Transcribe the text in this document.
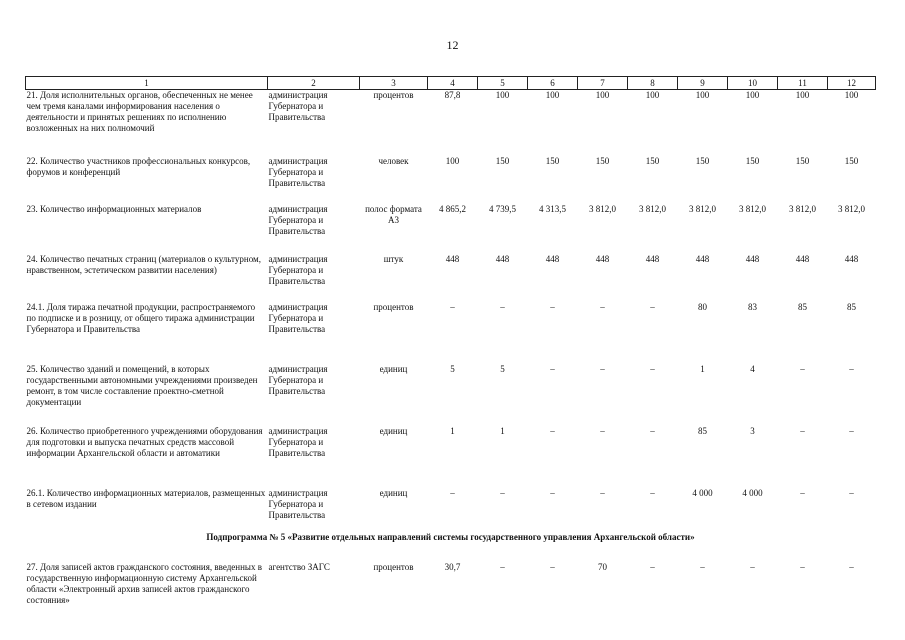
12
1	2	3	4	5	6	7	8	9	10	11	12
21. Доля исполнительных органов, обеспеченных не менее чем тремя каналами информирования населения о деятельности и принятых решениях по исполнению возложенных на них полномочий	администрация Губернатора и Правительства	процентов	87,8	100	100	100	100	100	100	100	100
22. Количество участников профессиональных конкурсов, форумов и конференций	администрация Губернатора и Правительства	человек	100	150	150	150	150	150	150	150	150
23. Количество информационных материалов	администрация Губернатора и Правительства	полос формата А3	4 865,2	4 739,5	4 313,5	3 812,0	3 812,0	3 812,0	3 812,0	3 812,0	3 812,0
24. Количество печатных страниц (материалов о культурном, нравственном, эстетическом развитии населения)	администрация Губернатора и Правительства	штук	448	448	448	448	448	448	448	448	448
24.1. Доля тиража печатной продукции, распространяемого по подписке и в розницу, от общего тиража администрации Губернатора и Правительства	администрация Губернатора и Правительства	процентов	–	–	–	–	–	80	83	85	85
25. Количество зданий и помещений, в которых государственными автономными учреждениями произведен ремонт, в том числе составление проектно-сметной документации	администрация Губернатора и Правительства	единиц	5	5	–	–	–	1	4	–	–
26. Количество приобретенного учреждениями оборудования для подготовки и выпуска печатных средств массовой информации Архангельской области и автоматики	администрация Губернатора и Правительства	единиц	1	1	–	–	–	85	3	–	–
26.1. Количество информационных материалов, размещенных в сетевом издании	администрация Губернатора и Правительства	единиц	–	–	–	–	–	4 000	4 000	–	–
Подпрограмма № 5 «Развитие отдельных направлений системы государственного управления Архангельской области»											
27. Доля записей актов гражданского состояния, введенных в государственную информационную систему Архангельской области «Электронный архив записей актов гражданского состояния»	агентство ЗАГС	процентов	30,7	–	–	70	–	–	–	–	–
